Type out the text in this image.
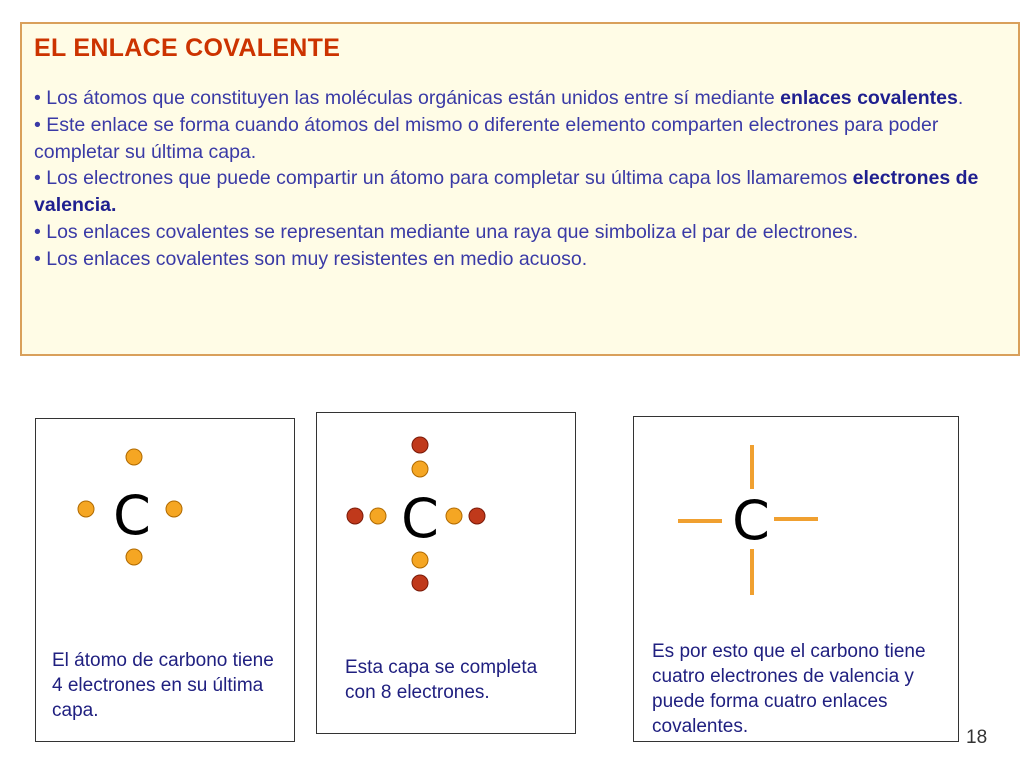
EL ENLACE COVALENTE

• Los átomos que constituyen las moléculas orgánicas están unidos entre sí mediante enlaces covalentes.

• Este enlace se forma cuando átomos del mismo o diferente elemento comparten electrones para poder completar su última capa.

• Los electrones que puede compartir un átomo para completar su última capa los llamaremos electrones de valencia.

• Los enlaces covalentes se representan mediante una raya que simboliza el par de electrones.

• Los enlaces covalentes son muy resistentes en medio acuoso.

C
El átomo de carbono tiene 4 electrones en su última capa.
C
Esta capa se completa con 8 electrones.
C
Es por esto que el carbono tiene cuatro electrones de valencia y puede forma cuatro enlaces covalentes.
18
